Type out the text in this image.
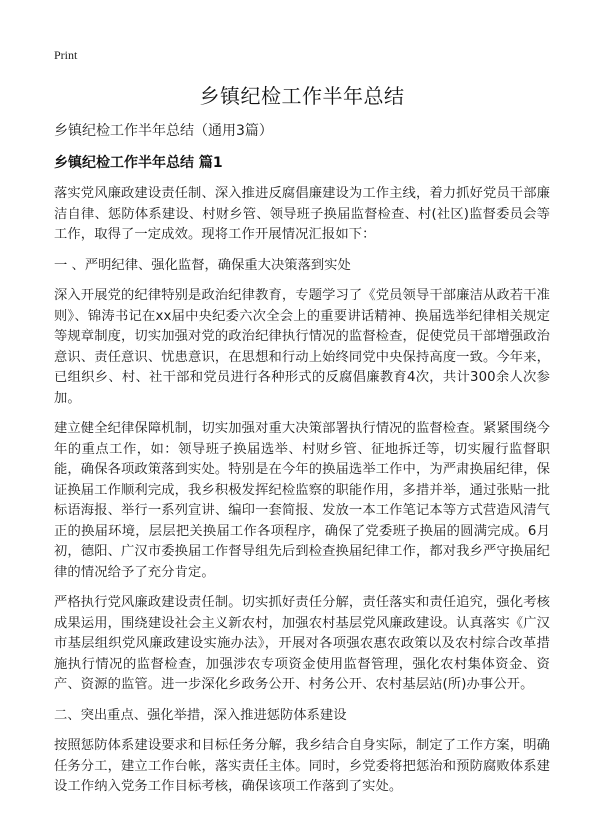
Print
乡镇纪检工作半年总结
乡镇纪检工作半年总结（通用3篇）
乡镇纪检工作半年总结 篇1

落实党风廉政建设责任制、深入推进反腐倡廉建设为工作主线，着力抓好党员干部廉洁自律、惩防体系建设、村财乡管、领导班子换届监督检查、村(社区)监督委员会等工作，取得了一定成效。现将工作开展情况汇报如下：

一 、严明纪律、强化监督，确保重大决策落到实处

深入开展党的纪律特别是政治纪律教育，专题学习了《党员领导干部廉洁从政若干准则》、锦涛书记在xx届中央纪委六次全会上的重要讲话精神、换届选举纪律相关规定等规章制度，切实加强对党的政治纪律执行情况的监督检查，促使党员干部增强政治意识、责任意识、忧患意识，在思想和行动上始终同党中央保持高度一致。今年来，已组织乡、村、社干部和党员进行各种形式的反腐倡廉教育4次，共计300余人次参加。

建立健全纪律保障机制，切实加强对重大决策部署执行情况的监督检查。紧紧围绕今年的重点工作，如：领导班子换届选举、村财乡管、征地拆迁等，切实履行监督职能，确保各项政策落到实处。特别是在今年的换届选举工作中，为严肃换届纪律，保证换届工作顺利完成，我乡积极发挥纪检监察的职能作用，多措并举，通过张贴一批标语海报、举行一系列宣讲、编印一套简报、发放一本工作笔记本等方式营造风清气正的换届环境，层层把关换届工作各项程序，确保了党委班子换届的圆满完成。6月初，德阳、广汉市委换届工作督导组先后到检查换届纪律工作，都对我乡严守换届纪律的情况给予了充分肯定。

严格执行党风廉政建设责任制。切实抓好责任分解，责任落实和责任追究，强化考核成果运用，围绕建设社会主义新农村，加强农村基层党风廉政建设。认真落实《广汉市基层组织党风廉政建设实施办法》，开展对各项强农惠农政策以及农村综合改革措施执行情况的监督检查，加强涉农专项资金使用监督管理，强化农村集体资金、资产、资源的监管。进一步深化乡政务公开、村务公开、农村基层站(所)办事公开。

二、突出重点、强化举措，深入推进惩防体系建设

按照惩防体系建设要求和目标任务分解，我乡结合自身实际，制定了工作方案，明确任务分工，建立工作台帐，落实责任主体。同时，乡党委将把惩治和预防腐败体系建设工作纳入党务工作目标考核，确保该项工作落到了实处。
